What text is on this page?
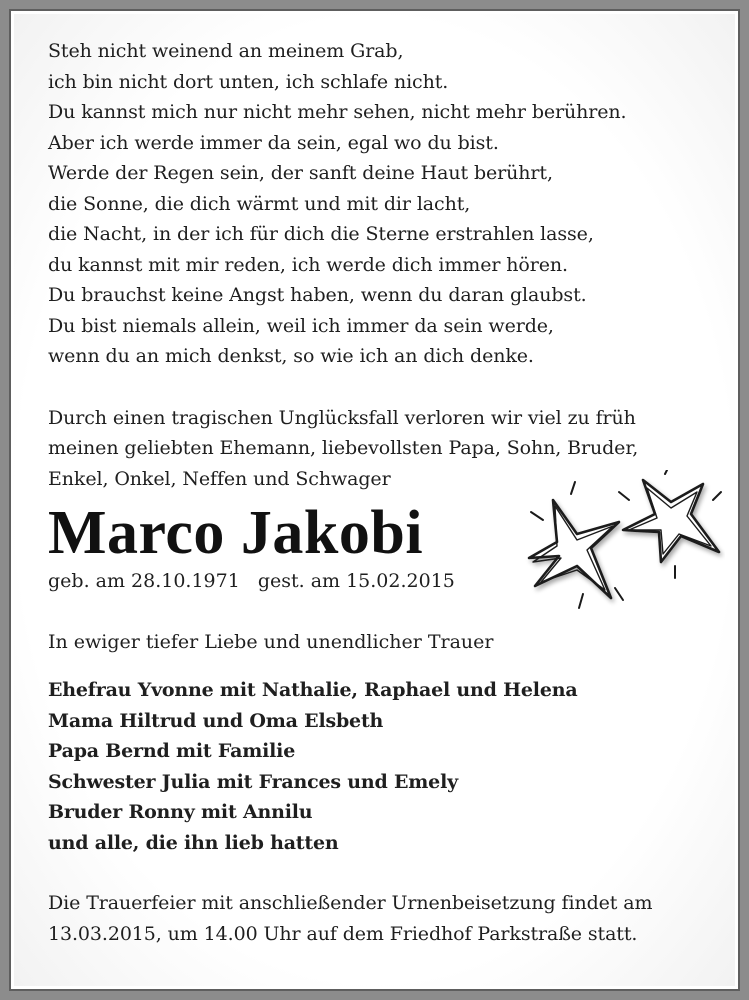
Steh nicht weinend an meinem Grab,
ich bin nicht dort unten, ich schlafe nicht.
Du kannst mich nur nicht mehr sehen, nicht mehr berühren.
Aber ich werde immer da sein, egal wo du bist.
Werde der Regen sein, der sanft deine Haut berührt,
die Sonne, die dich wärmt und mit dir lacht,
die Nacht, in der ich für dich die Sterne erstrahlen lasse,
du kannst mit mir reden, ich werde dich immer hören.
Du brauchst keine Angst haben, wenn du daran glaubst.
Du bist niemals allein, weil ich immer da sein werde,
wenn du an mich denkst, so wie ich an dich denke.
Durch einen tragischen Unglücksfall verloren wir viel zu früh
meinen geliebten Ehemann, liebevollsten Papa, Sohn, Bruder,
Enkel, Onkel, Neffen und Schwager
Marco Jakobi
geb. am 28.10.1971 gest. am 15.02.2015
In ewiger tiefer Liebe und unendlicher Trauer
Ehefrau Yvonne mit Nathalie, Raphael und Helena
Mama Hiltrud und Oma Elsbeth
Papa Bernd mit Familie
Schwester Julia mit Frances und Emely
Bruder Ronny mit Annilu
und alle, die ihn lieb hatten
Die Trauerfeier mit anschließender Urnenbeisetzung findet am
13.03.2015, um 14.00 Uhr auf dem Friedhof Parkstraße statt.
